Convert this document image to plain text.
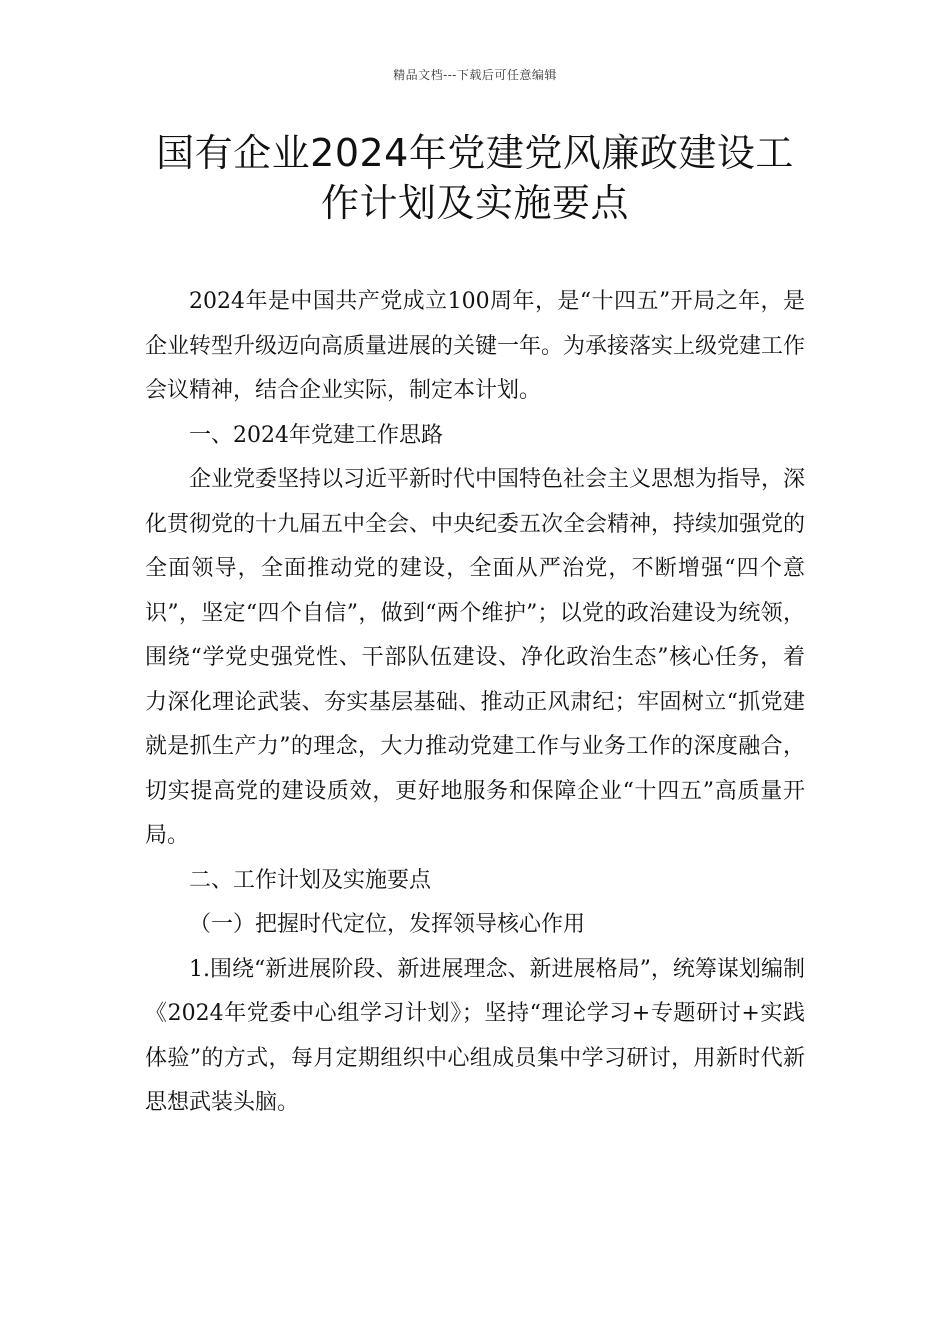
精品文档---下载后可任意编辑
国有企业2024年党建党风廉政建设工
作计划及实施要点

2024年是中国共产党成立100周年，是“十四五”开局之年，是企业转型升级迈向高质量进展的关键一年。为承接落实上级党建工作会议精神，结合企业实际，制定本计划。

一、2024年党建工作思路

企业党委坚持以习近平新时代中国特色社会主义思想为指导，深化贯彻党的十九届五中全会、中央纪委五次全会精神，持续加强党的全面领导，全面推动党的建设，全面从严治党，不断增强“四个意识”，坚定“四个自信”，做到“两个维护”；以党的政治建设为统领，围绕“学党史强党性、干部队伍建设、净化政治生态”核心任务，着力深化理论武装、夯实基层基础、推动正风肃纪；牢固树立“抓党建就是抓生产力”的理念，大力推动党建工作与业务工作的深度融合，切实提高党的建设质效，更好地服务和保障企业“十四五”高质量开局。

二、工作计划及实施要点

（一）把握时代定位，发挥领导核心作用

1.围绕“新进展阶段、新进展理念、新进展格局”，统筹谋划编制《2024年党委中心组学习计划》；坚持“理论学习+专题研讨+实践体验”的方式，每月定期组织中心组成员集中学习研讨，用新时代新思想武装头脑。
